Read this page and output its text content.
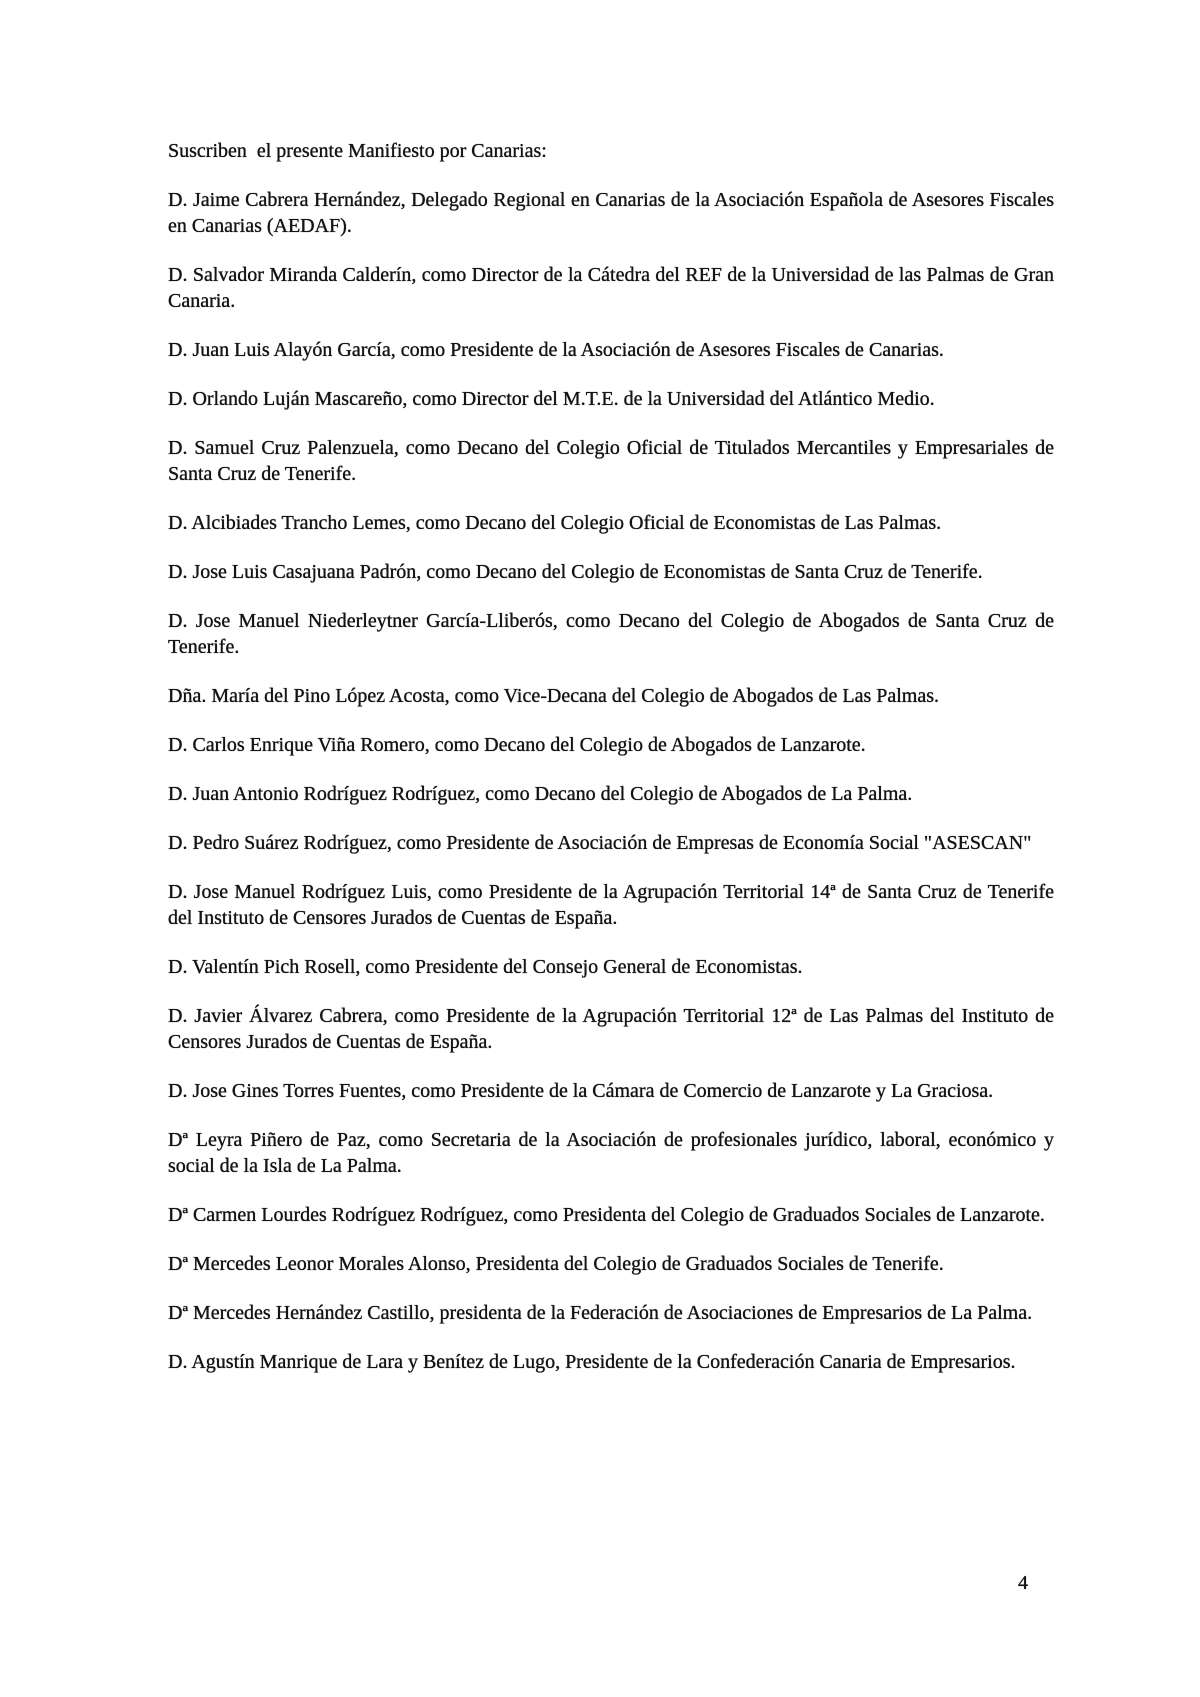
Suscriben  el presente Manifiesto por Canarias:

D. Jaime Cabrera Hernández, Delegado Regional en Canarias de la Asociación Española de Asesores Fiscales en Canarias (AEDAF).

D. Salvador Miranda Calderín, como Director de la Cátedra del REF de la Universidad de las Palmas de Gran Canaria.

D. Juan Luis Alayón García, como Presidente de la Asociación de Asesores Fiscales de Canarias.

D. Orlando Luján Mascareño, como Director del M.T.E. de la Universidad del Atlántico Medio.

D. Samuel Cruz Palenzuela, como Decano del Colegio Oficial de Titulados Mercantiles y Empresariales de Santa Cruz de Tenerife.

D. Alcibiades Trancho Lemes, como Decano del Colegio Oficial de Economistas de Las Palmas.

D. Jose Luis Casajuana Padrón, como Decano del Colegio de Economistas de Santa Cruz de Tenerife.

D. Jose Manuel Niederleytner García-Lliberós, como Decano del Colegio de Abogados de Santa Cruz de Tenerife.

Dña. María del Pino López Acosta, como Vice-Decana del Colegio de Abogados de Las Palmas.

D. Carlos Enrique Viña Romero, como Decano del Colegio de Abogados de Lanzarote.

D. Juan Antonio Rodríguez Rodríguez, como Decano del Colegio de Abogados de La Palma.

D. Pedro Suárez Rodríguez, como Presidente de Asociación de Empresas de Economía Social "ASESCAN"

D. Jose Manuel Rodríguez Luis, como Presidente de la Agrupación Territorial 14ª de Santa Cruz de Tenerife del Instituto de Censores Jurados de Cuentas de España.

D. Valentín Pich Rosell, como Presidente del Consejo General de Economistas.

D. Javier Álvarez Cabrera, como Presidente de la Agrupación Territorial 12ª de Las Palmas del Instituto de Censores Jurados de Cuentas de España.

D. Jose Gines Torres Fuentes, como Presidente de la Cámara de Comercio de Lanzarote y La Graciosa.

Dª Leyra Piñero de Paz, como Secretaria de la Asociación de profesionales jurídico, laboral, económico y social de la Isla de La Palma.

Dª Carmen Lourdes Rodríguez Rodríguez, como Presidenta del Colegio de Graduados Sociales de Lanzarote.

Dª Mercedes Leonor Morales Alonso, Presidenta del Colegio de Graduados Sociales de Tenerife.

Dª Mercedes Hernández Castillo, presidenta de la Federación de Asociaciones de Empresarios de La Palma.

D. Agustín Manrique de Lara y Benítez de Lugo, Presidente de la Confederación Canaria de Empresarios.

4
